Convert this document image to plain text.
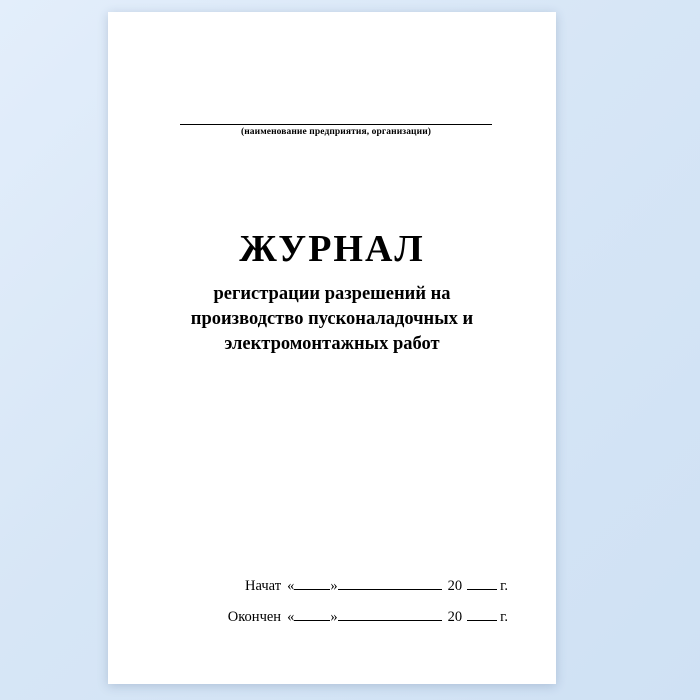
(наименование предприятия, организации)
ЖУРНАЛ
регистрации разрешений на
производство пусконаладочных и
электромонтажных работ
Начат « »	20	г.
Окончен « »	20	г.
